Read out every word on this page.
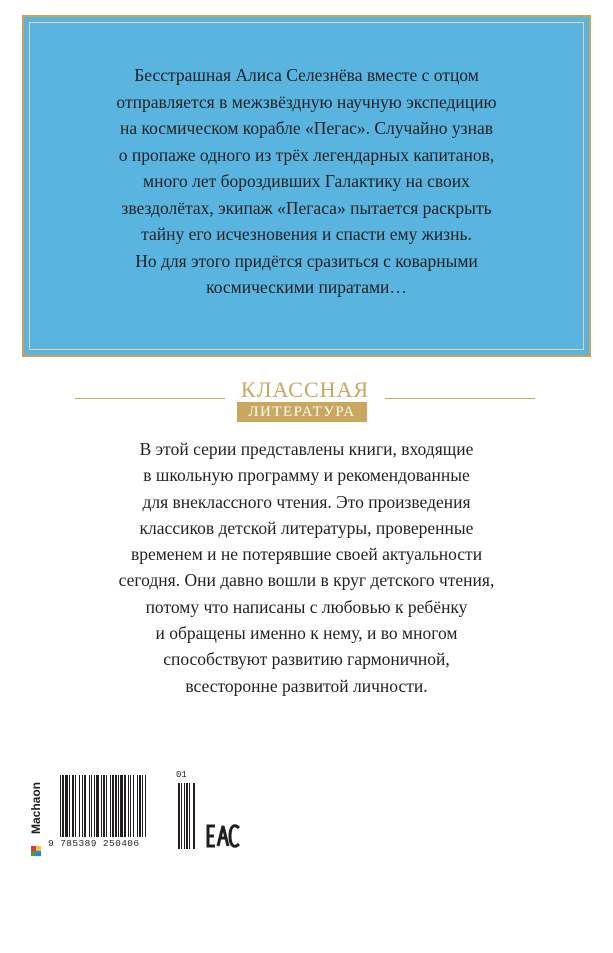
Бесстрашная Алиса Селезнёва вместе с отцом
отправляется в межзвёздную научную экспедицию
на космическом корабле «Пегас». Случайно узнав
о пропаже одного из трёх легендарных капитанов,
много лет бороздивших Галактику на своих
звездолётах, экипаж «Пегаса» пытается раскрыть
тайну его исчезновения и спасти ему жизнь.
Но для этого придётся сразиться с коварными
космическими пиратами…

КЛАССНАЯ
ЛИТЕРАТУРА

В этой серии представлены книги, входящие
в школьную программу и рекомендованные
для внеклассного чтения. Это произведения
классиков детской литературы, проверенные
временем и не потерявшие своей актуальности
сегодня. Они давно вошли в круг детского чтения,
потому что написаны с любовью к ребёнку
и обращены именно к нему, и во многом
способствуют развитию гармоничной,
всесторонне развитой личности.

Machaon
9 785389 250406
01
